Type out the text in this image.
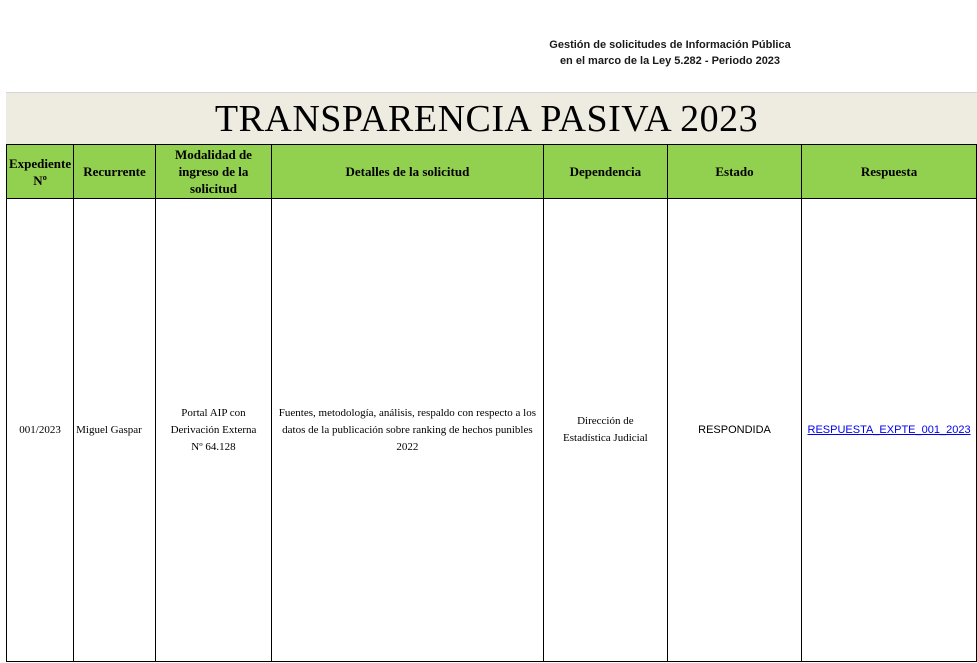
Gestión de solicitudes de Información Pública
en el marco de la Ley 5.282 - Periodo 2023
TRANSPARENCIA PASIVA 2023
Expediente Nº	Recurrente	Modalidad de ingreso de la solicitud	Detalles de la solicitud	Dependencia	Estado	Respuesta
001/2023	Miguel Gaspar	Portal AIP con Derivación Externa Nº 64.128	Fuentes, metodología, análisis, respaldo con respecto a los datos de la publicación sobre ranking de hechos punibles 2022	Dirección de Estadística Judicial	RESPONDIDA	RESPUESTA_EXPTE_001_2023
